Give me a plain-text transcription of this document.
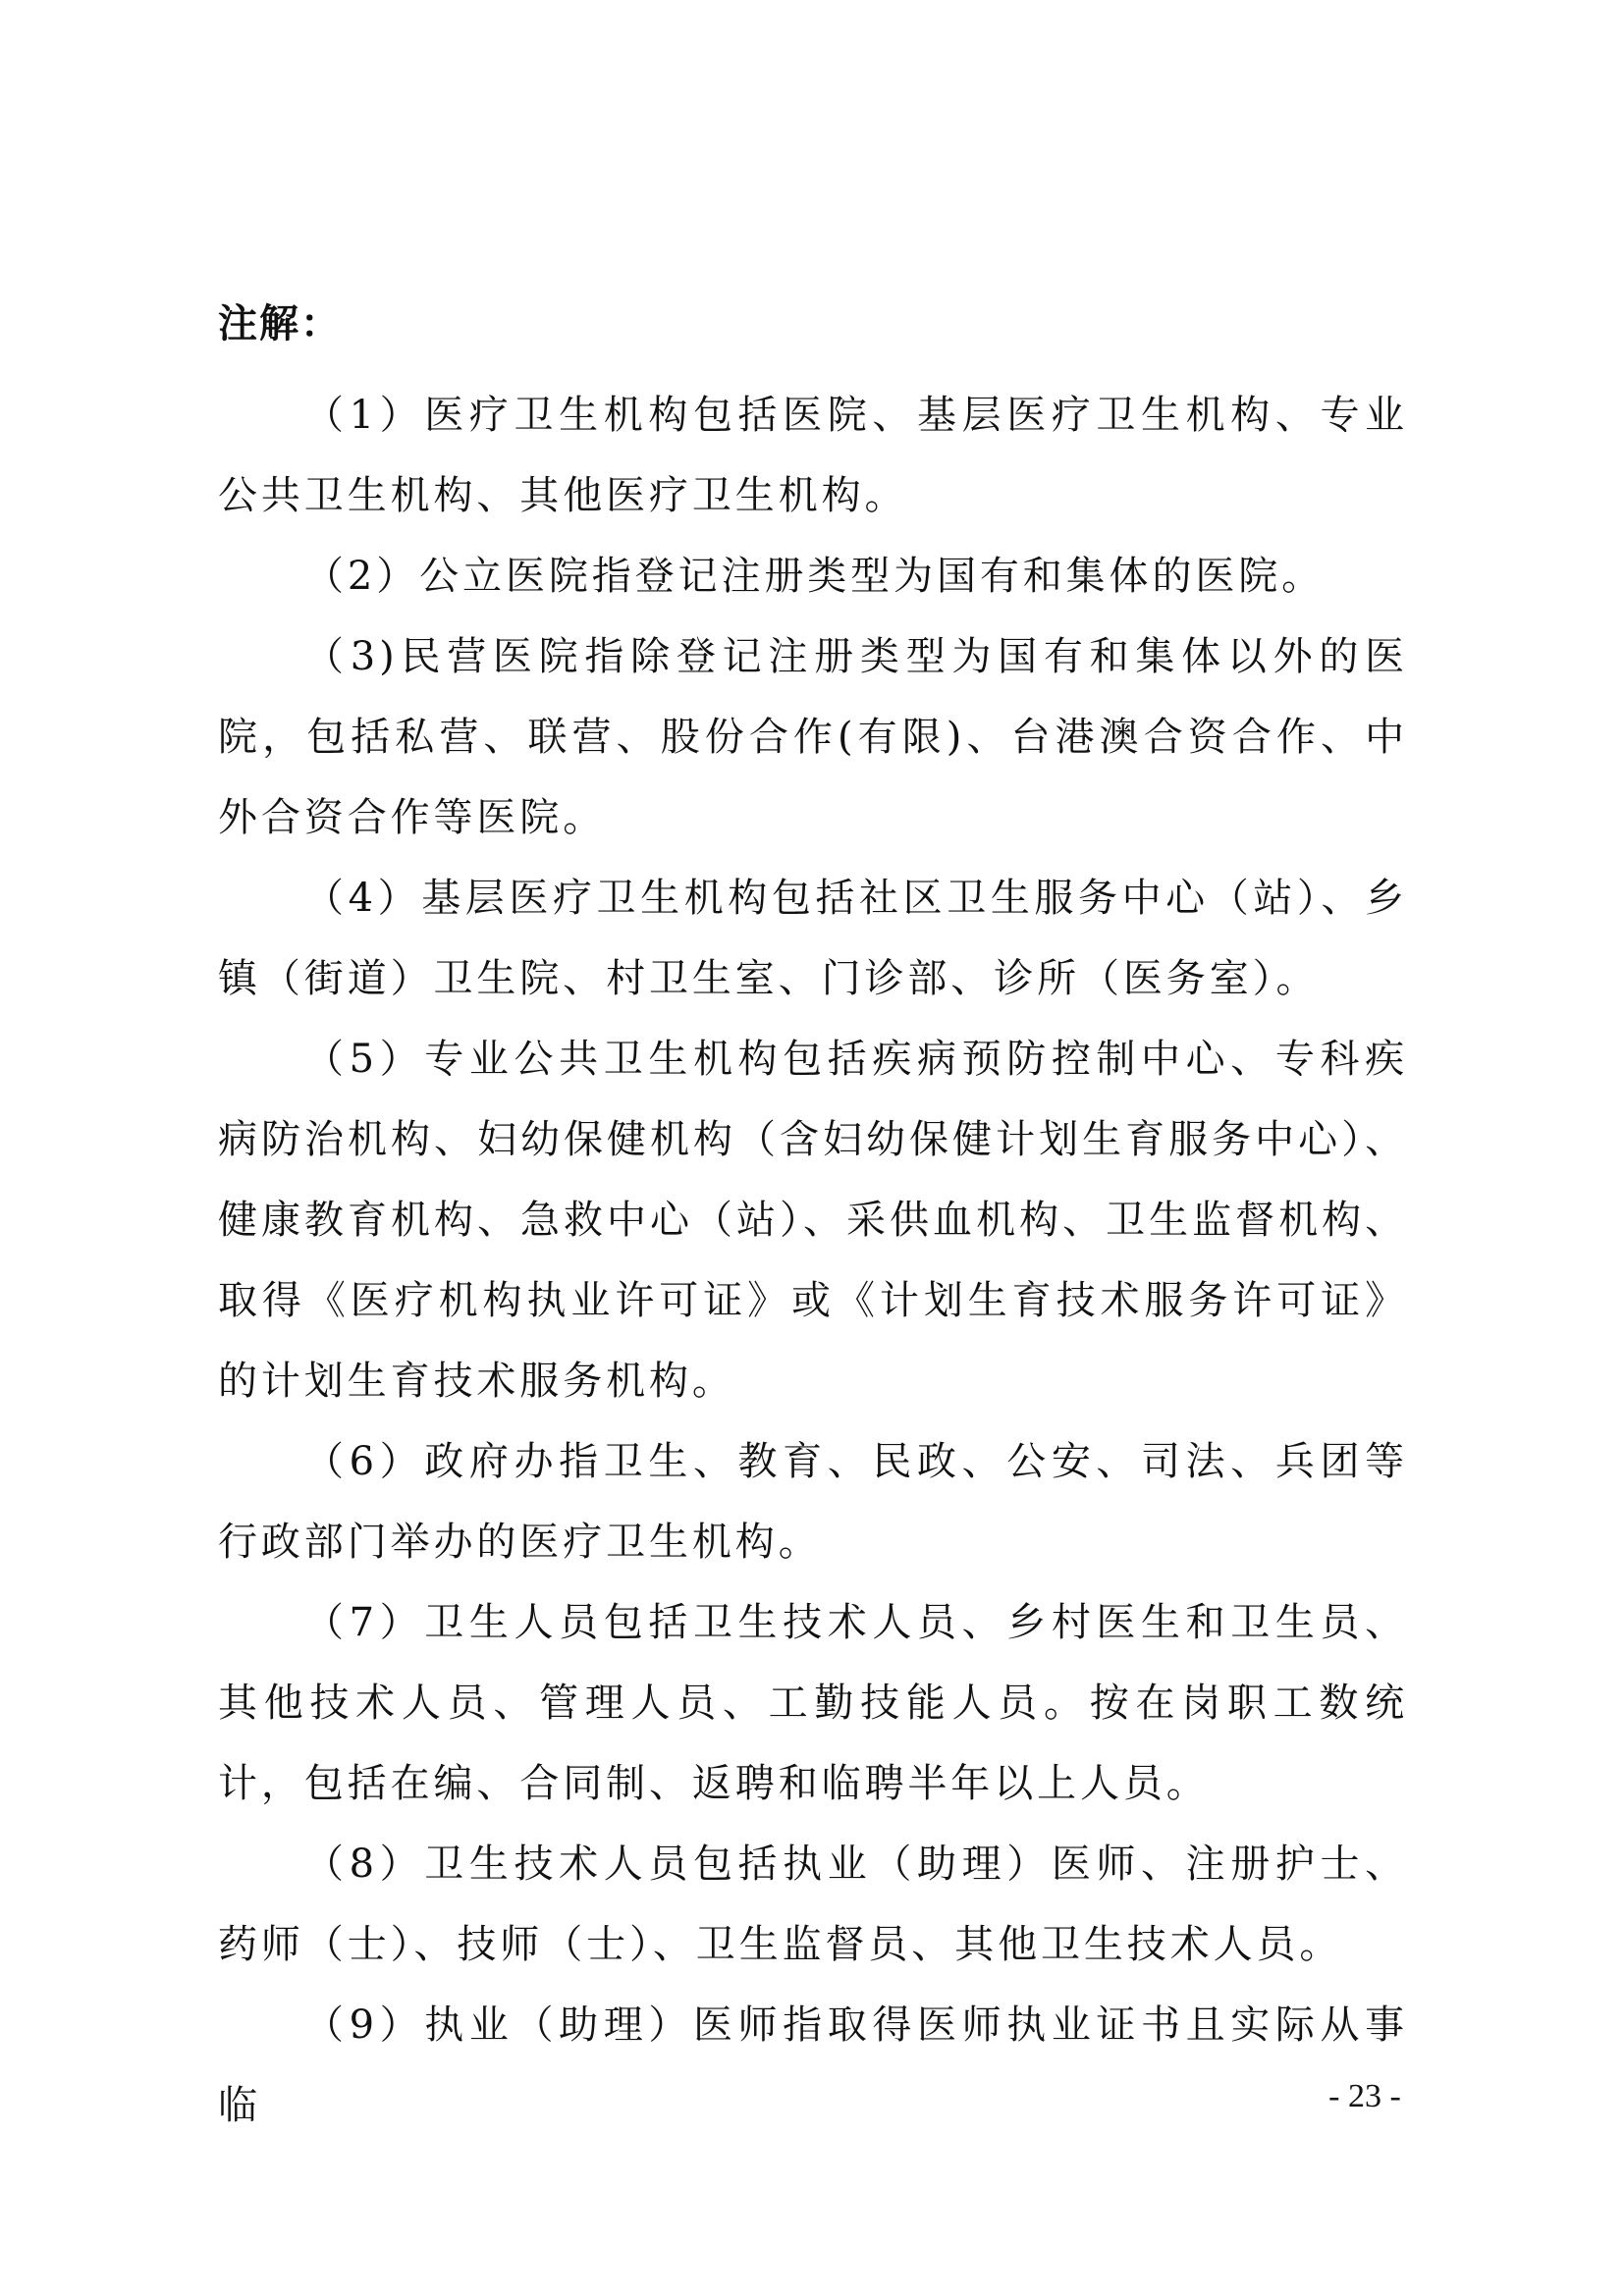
注解：

（1）医疗卫生机构包括医院、基层医疗卫生机构、专业公共卫生机构、其他医疗卫生机构。

（2）公立医院指登记注册类型为国有和集体的医院。

（3)民营医院指除登记注册类型为国有和集体以外的医院，包括私营、联营、股份合作(有限)、台港澳合资合作、中外合资合作等医院。

（4）基层医疗卫生机构包括社区卫生服务中心（站）、乡镇（街道）卫生院、村卫生室、门诊部、诊所（医务室）。

（5）专业公共卫生机构包括疾病预防控制中心、专科疾病防治机构、妇幼保健机构（含妇幼保健计划生育服务中心）、健康教育机构、急救中心（站）、采供血机构、卫生监督机构、取得《医疗机构执业许可证》或《计划生育技术服务许可证》的计划生育技术服务机构。

（6）政府办指卫生、教育、民政、公安、司法、兵团等行政部门举办的医疗卫生机构。

（7）卫生人员包括卫生技术人员、乡村医生和卫生员、其他技术人员、管理人员、工勤技能人员。按在岗职工数统计，包括在编、合同制、返聘和临聘半年以上人员。

（8）卫生技术人员包括执业（助理）医师、注册护士、药师（士）、技师（士）、卫生监督员、其他卫生技术人员。

（9）执业（助理）医师指取得医师执业证书且实际从事临	- 23 -
